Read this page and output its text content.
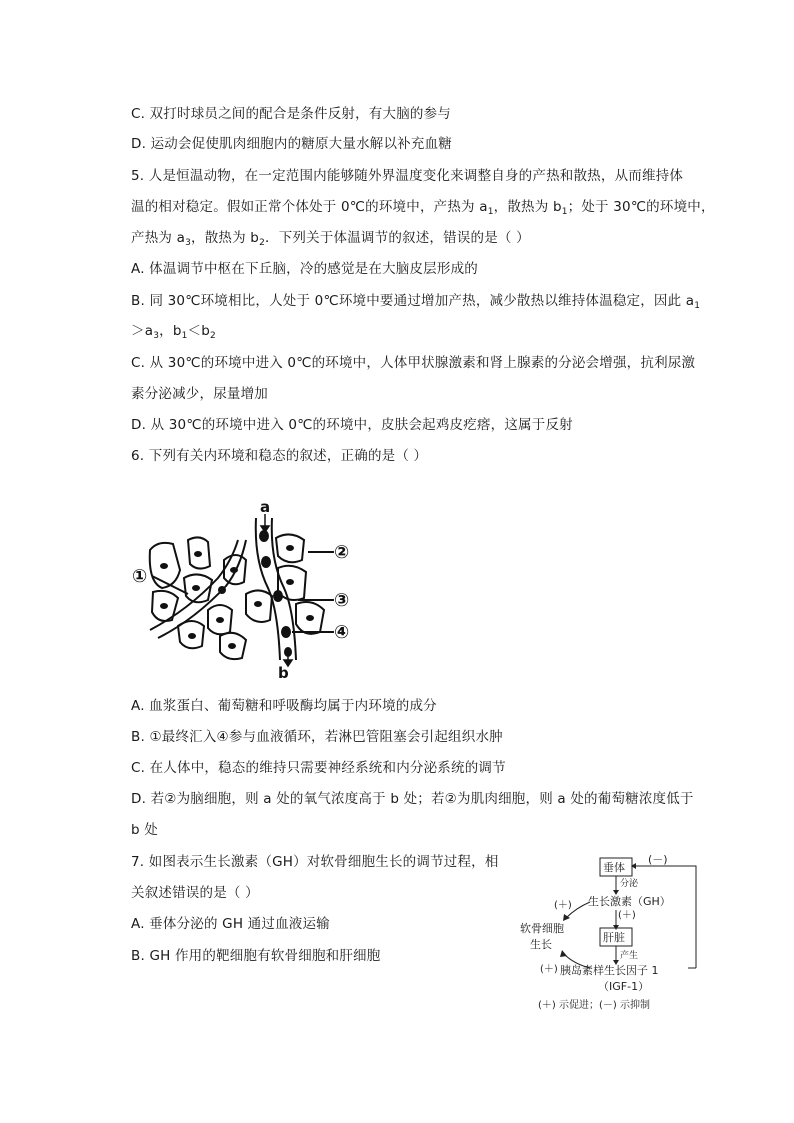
C. 双打时球员之间的配合是条件反射，有大脑的参与
D. 运动会促使肌肉细胞内的糖原大量水解以补充血糖
5. 人是恒温动物，在一定范围内能够随外界温度变化来调整自身的产热和散热，从而维持体
温的相对稳定。假如正常个体处于 0℃的环境中，产热为 $a_1$，散热为 $b_1$；处于 30℃的环境中，
产热为 $a_3$，散热为 $b_2$．下列关于体温调节的叙述，错误的是（ ）
A. 体温调节中枢在下丘脑，冷的感觉是在大脑皮层形成的
B. 同 30℃环境相比，人处于 0℃环境中要通过增加产热，减少散热以维持体温稳定，因此 $a_1$
$>a_3$，$b_1<b_2$
C. 从 30℃的环境中进入 0℃的环境中，人体甲状腺激素和肾上腺素的分泌会增强，抗利尿激
素分泌减少，尿量增加
D. 从 30℃的环境中进入 0℃的环境中，皮肤会起鸡皮疙瘩，这属于反射
6. 下列有关内环境和稳态的叙述，正确的是（ ）
a
b
①
②
③
④
A. 血浆蛋白、葡萄糖和呼吸酶均属于内环境的成分
B. ①最终汇入④参与血液循环，若淋巴管阻塞会引起组织水肿
C. 在人体中，稳态的维持只需要神经系统和内分泌系统的调节
D. 若②为脑细胞，则 a 处的氧气浓度高于 b 处；若②为肌肉细胞，则 a 处的葡萄糖浓度低于
b 处
7. 如图表示生长激素（GH）对软骨细胞生长的调节过程，相
关叙述错误的是（ ）
A. 垂体分泌的 GH 通过血液运输
B. GH 作用的靶细胞有软骨细胞和肝细胞
垂体
(－)
分泌
生长激素（GH）
(＋)
(＋)
软骨细胞
生长
肝脏
产生
(＋) 胰岛素样生长因子 1
（IGF-1）
(＋) 示促进；(－) 示抑制
